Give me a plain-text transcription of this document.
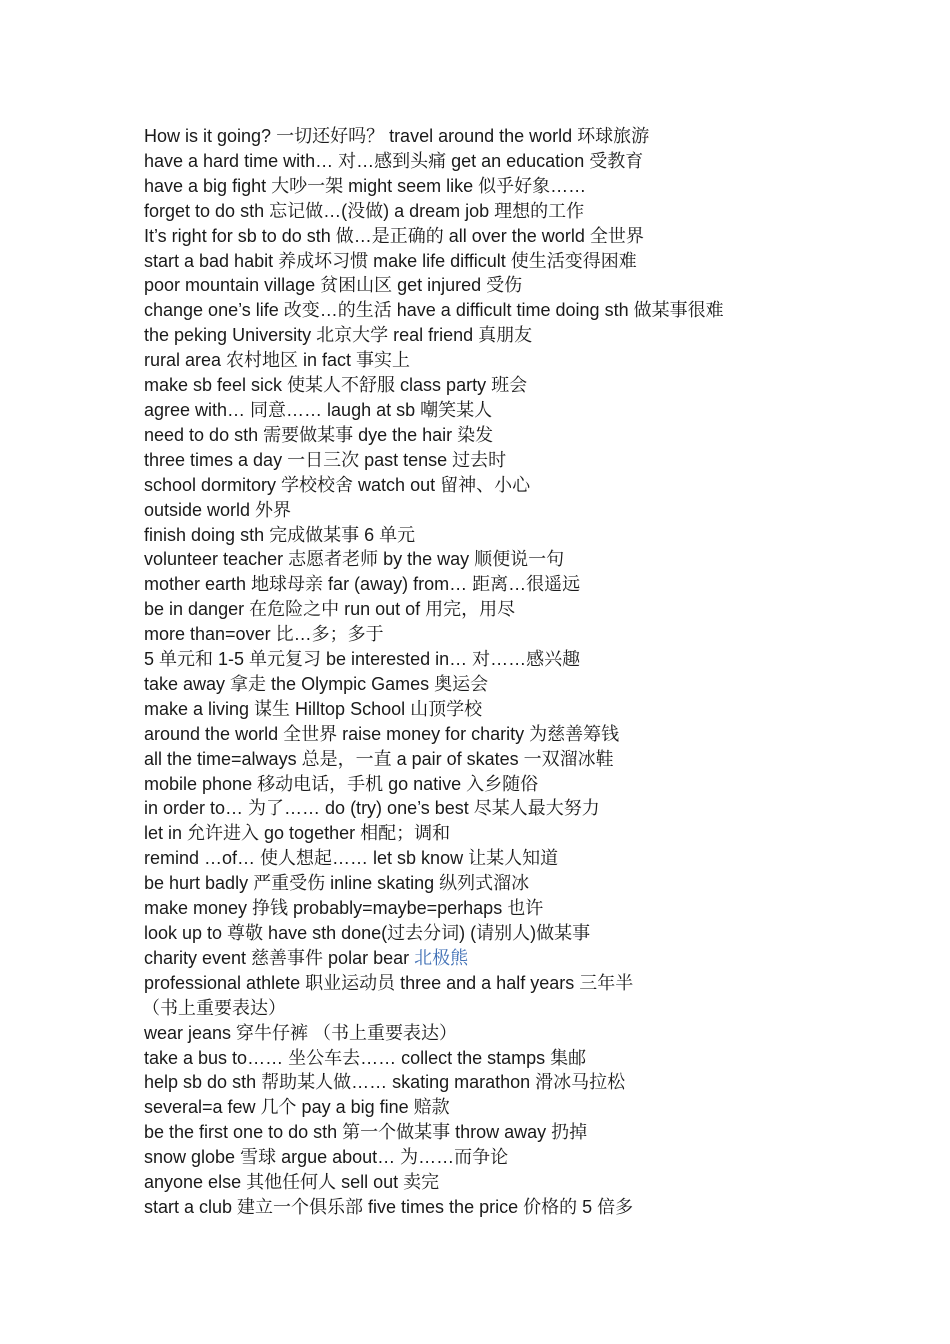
How is it going? 一切还好吗？ travel around the world 环球旅游
have a hard time with… 对…感到头痛 get an education 受教育
have a big fight 大吵一架 might seem like 似乎好象……
forget to do sth 忘记做…(没做) a dream job 理想的工作
It’s right for sb to do sth 做…是正确的 all over the world 全世界
start a bad habit 养成坏习惯 make life difficult 使生活变得困难
poor mountain village 贫困山区 get injured 受伤
change one’s life 改变…的生活 have a difficult time doing sth 做某事很难
the peking University 北京大学 real friend 真朋友
rural area 农村地区 in fact 事实上
make sb feel sick 使某人不舒服 class party 班会
agree with… 同意…… laugh at sb 嘲笑某人
need to do sth 需要做某事 dye the hair 染发
three times a day 一日三次 past tense 过去时
school dormitory 学校校舍 watch out 留神、小心
outside world 外界
finish doing sth 完成做某事 6 单元
volunteer teacher 志愿者老师 by the way 顺便说一句
mother earth 地球母亲 far (away) from… 距离…很遥远
be in danger 在危险之中 run out of 用完，用尽
more than=over 比…多；多于
5 单元和 1-5 单元复习 be interested in… 对……感兴趣
take away 拿走 the Olympic Games 奥运会
make a living 谋生 Hilltop School 山顶学校
around the world 全世界 raise money for charity 为慈善筹钱
all the time=always 总是，一直 a pair of skates 一双溜冰鞋
mobile phone 移动电话，手机 go native 入乡随俗
in order to… 为了…… do (try) one’s best 尽某人最大努力
let in 允许进入 go together 相配；调和
remind …of… 使人想起…… let sb know 让某人知道
be hurt badly 严重受伤 inline skating 纵列式溜冰
make money 挣钱 probably=maybe=perhaps 也许
look up to 尊敬 have sth done(过去分词) (请别人)做某事
charity event 慈善事件 polar bear 北极熊
professional athlete 职业运动员 three and a half years 三年半
（书上重要表达）
wear jeans 穿牛仔裤 （书上重要表达）
take a bus to…… 坐公车去…… collect the stamps 集邮
help sb do sth 帮助某人做…… skating marathon 滑冰马拉松
several=a few 几个 pay a big fine 赔款
be the first one to do sth 第一个做某事 throw away 扔掉
snow globe 雪球 argue about… 为……而争论
anyone else 其他任何人 sell out 卖完
start a club 建立一个俱乐部 five times the price 价格的 5 倍多
